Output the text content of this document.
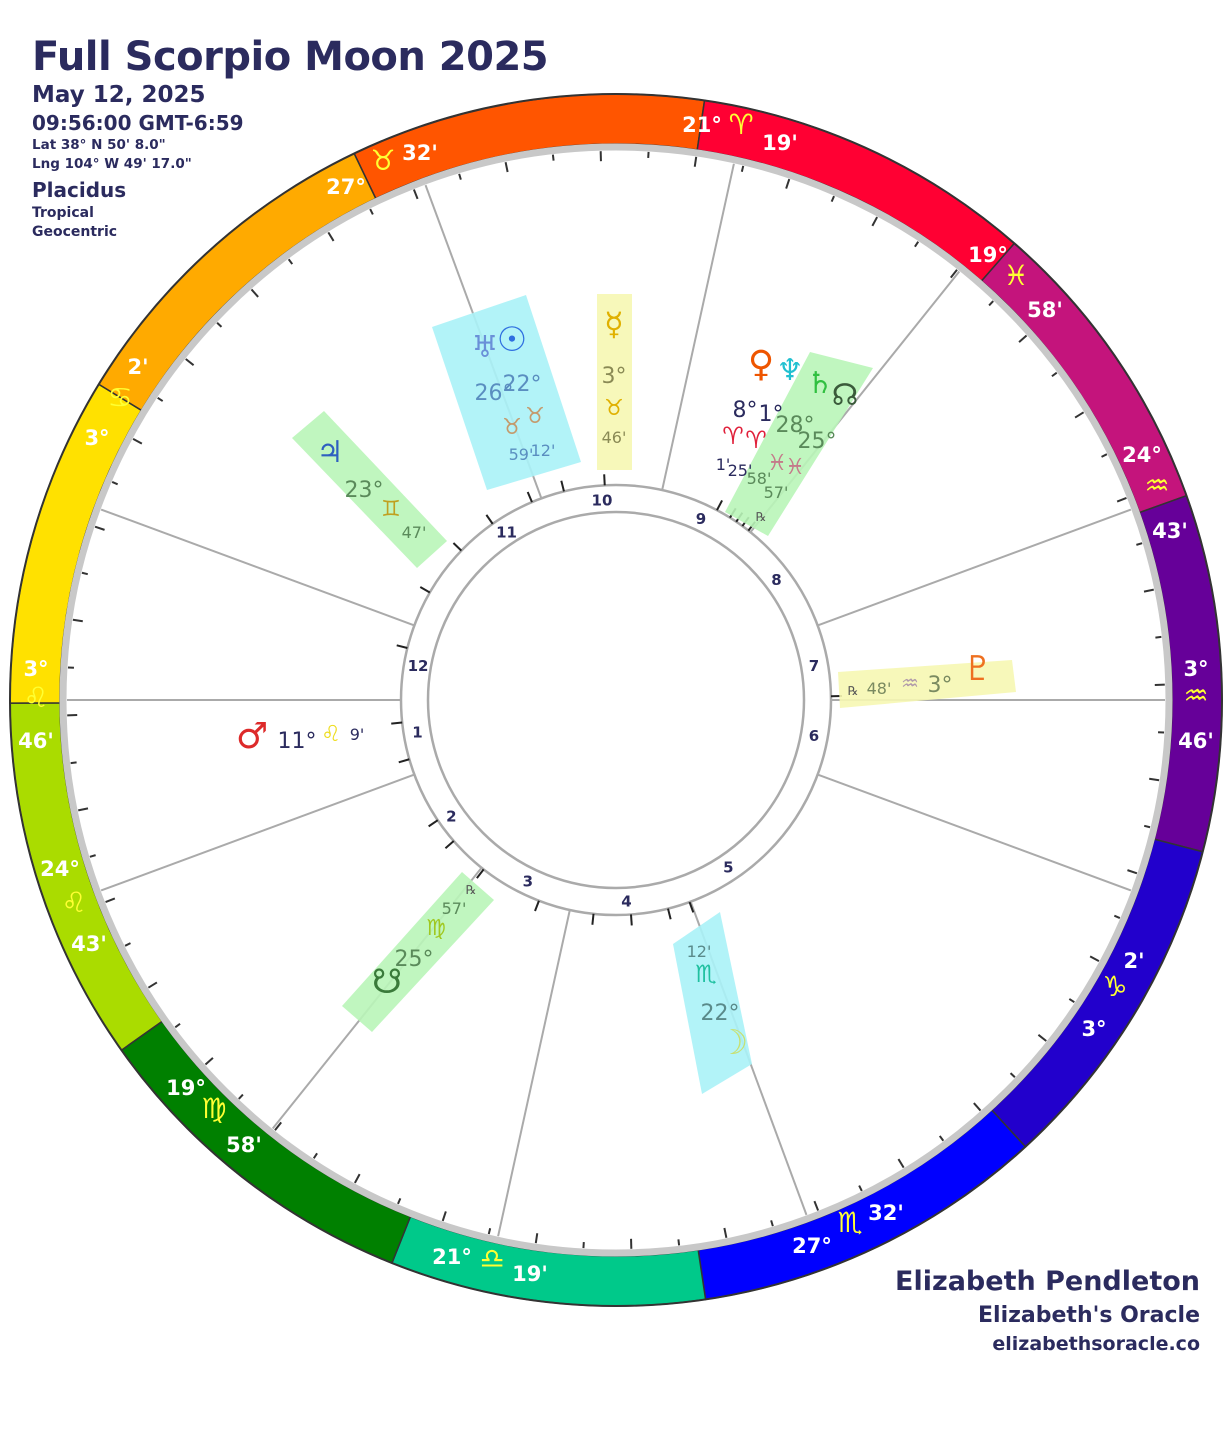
Full Scorpio Moon 2025
May 12, 2025
09:56:00 GMT-6:59
Lat 38° N 50' 8.0"
Lng 104° W 49' 17.0"
Placidus
Tropical
Geocentric
1
2
3
4
5
6
7
8
9
10
11
12
3°
♌
46'
24°
♌
43'
19°
♍
58'
21° ♎ 19'
27°
♏ 32'
2'
♑
3°
3°
♒
46'
24°
♒
43'
19°
♓
58'
21° ♈
19'
32'
♉
27°
2'
♋
3°
♅
26°
♉
59'
☉
22°
♉
12'
☿
3°
♉
46'
♀
8°
♈
1'
♆
1°
♈
25'
♄
28°
♓
58'
☊
25°
♓
57'
℞
♃
23°
♊
47'
♇
3°
♒
48'
℞
♂ 11° ♌ 9'
☋
25°
♍
57'
℞
☽
22°
♏
12'
Elizabeth Pendleton
Elizabeth's Oracle
elizabethsoracle.co
